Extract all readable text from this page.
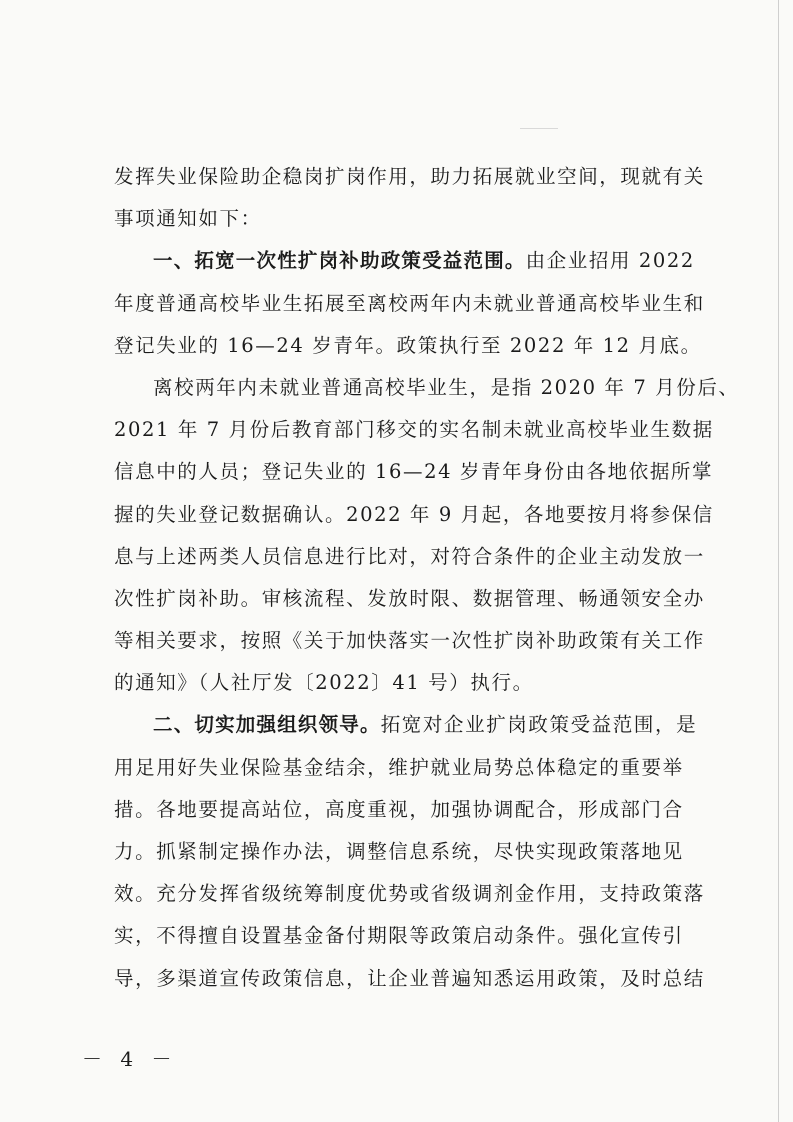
发挥失业保险助企稳岗扩岗作用，助力拓展就业空间，现就有关
事项通知如下：
一、拓宽一次性扩岗补助政策受益范围。由企业招用 2022
年度普通高校毕业生拓展至离校两年内未就业普通高校毕业生和
登记失业的 16—24 岁青年。政策执行至 2022 年 12 月底。
离校两年内未就业普通高校毕业生，是指 2020 年 7 月份后、
2021 年 7 月份后教育部门移交的实名制未就业高校毕业生数据
信息中的人员；登记失业的 16—24 岁青年身份由各地依据所掌
握的失业登记数据确认。2022 年 9 月起，各地要按月将参保信
息与上述两类人员信息进行比对，对符合条件的企业主动发放一
次性扩岗补助。审核流程、发放时限、数据管理、畅通领安全办
等相关要求，按照《关于加快落实一次性扩岗补助政策有关工作
的通知》（人社厅发〔2022〕41 号）执行。
二、切实加强组织领导。拓宽对企业扩岗政策受益范围，是
用足用好失业保险基金结余，维护就业局势总体稳定的重要举
措。各地要提高站位，高度重视，加强协调配合，形成部门合
力。抓紧制定操作办法，调整信息系统，尽快实现政策落地见
效。充分发挥省级统筹制度优势或省级调剂金作用，支持政策落
实，不得擅自设置基金备付期限等政策启动条件。强化宣传引
导，多渠道宣传政策信息，让企业普遍知悉运用政策，及时总结
－ 4 －
